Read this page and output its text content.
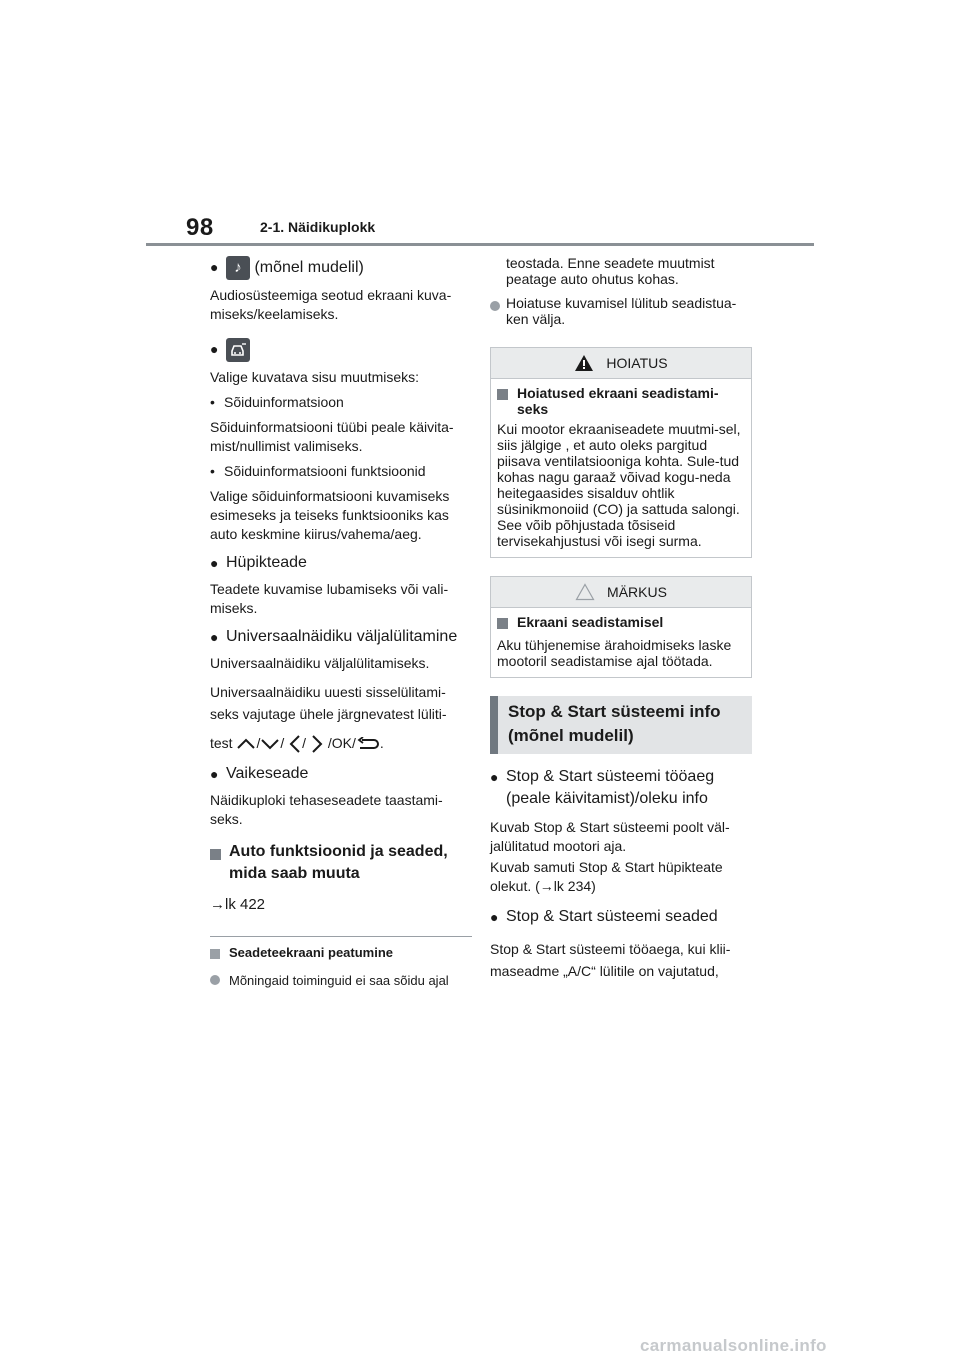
98	2-1. Näidikuplokk
●	♪ (mõnel mudelil)

Audiosüsteemiga seotud ekraani kuva-miseks/keelamiseks.

●

Valige kuvatava sisu muutmiseks:

• Sõiduinformatsioon

Sõiduinformatsiooni tüübi peale käivita-mist/nullimist valimiseks.

• Sõiduinformatsiooni funktsioonid

Valige sõiduinformatsiooni kuvamiseks esimeseks ja teiseks funktsiooniks kas auto keskmine kiirus/vahema/aeg.

● Hüpikteade

Teadete kuvamise lubamiseks või vali-miseks.

● Universaalnäidiku väljalülitamine

Universaalnäidiku väljalülitamiseks.

Universaalnäidiku uuesti sisselülitami-seks vajutage ühele järgnevatest lüliti-

test / / / /OK/ .

● Vaikeseade

Näidikuploki tehaseseadete taastami-seks.

Auto funktsioonid ja seaded, mida saab muuta

→lk 422

Seadeteekraani peatumine
Mõningaid toiminguid ei saa sõidu ajal

teostada. Enne seadete muutmist peatage auto ohutus kohas.

Hoiatuse kuvamisel lülitub seadistua-ken välja.
HOIATUS
Hoiatused ekraani seadistami-seks

Kui mootor ekraaniseadete muutmi-sel, siis jälgige , et auto oleks pargitud piisava ventilatsiooniga kohta. Sule-tud kohas nagu garaaž võivad kogu-neda heitegaasides sisalduv ohtlik süsinikmonoiid (CO) ja sattuda salongi. See võib põhjustada tõsiseid tervisekahjustusi või isegi surma.

MÄRKUS
Ekraani seadistamisel

Aku tühjenemise ärahoidmiseks laske mootoril seadistamise ajal töötada.

Stop & Start süsteemi info (mõnel mudelil)
● Stop & Start süsteemi tööaeg (peale käivitamist)/oleku info

Kuvab Stop & Start süsteemi poolt väl-jalülitatud mootori aja.

Kuvab samuti Stop & Start hüpikteate olekut. (→lk 234)

● Stop & Start süsteemi seaded

Stop & Start süsteemi tööaega, kui klii-maseadme „A/C“ lülitile on vajutatud,

carmanualsonline.info
